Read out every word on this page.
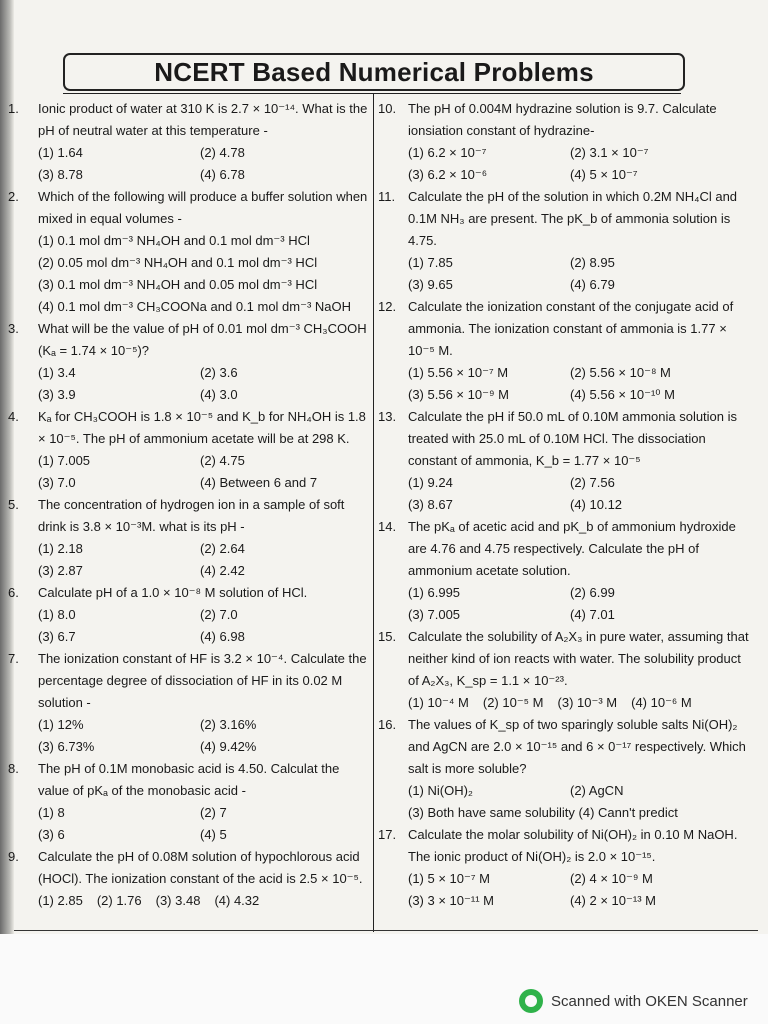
NCERT Based Numerical Problems
1.	Ionic product of water at 310 K is 2.7 × 10⁻¹⁴. What is the pH of neutral water at this temperature -
(1) 1.64	(2) 4.78
(3) 8.78	(4) 6.78
2.	Which of the following will produce a buffer solution when mixed in equal volumes -
(1) 0.1 mol dm⁻³ NH₄OH and 0.1 mol dm⁻³ HCl
(2) 0.05 mol dm⁻³ NH₄OH and 0.1 mol dm⁻³ HCl
(3) 0.1 mol dm⁻³ NH₄OH and 0.05 mol dm⁻³ HCl
(4) 0.1 mol dm⁻³ CH₃COONa and 0.1 mol dm⁻³ NaOH
3.	What will be the value of pH of 0.01 mol dm⁻³ CH₃COOH (Kₐ = 1.74 × 10⁻⁵)?
(1) 3.4	(2) 3.6
(3) 3.9	(4) 3.0
4.	Kₐ for CH₃COOH is 1.8 × 10⁻⁵ and K_b for NH₄OH is 1.8 × 10⁻⁵. The pH of ammonium acetate will be at 298 K.
(1) 7.005	(2) 4.75
(3) 7.0	(4) Between 6 and 7
5.	The concentration of hydrogen ion in a sample of soft drink is 3.8 × 10⁻³M. what is its pH -
(1) 2.18	(2) 2.64
(3) 2.87	(4) 2.42
6.	Calculate pH of a 1.0 × 10⁻⁸ M solution of HCl.
(1) 8.0	(2) 7.0
(3) 6.7	(4) 6.98
7.	The ionization constant of HF is 3.2 × 10⁻⁴. Calculate the percentage degree of dissociation of HF in its 0.02 M solution -
(1) 12%	(2) 3.16%
(3) 6.73%	(4) 9.42%
8.	The pH of 0.1M monobasic acid is 4.50. Calculat the value of pKₐ of the monobasic acid -
(1) 8	(2) 7
(3) 6	(4) 5
9.	Calculate the pH of 0.08M solution of hypochlorous acid (HOCl). The ionization constant of the acid is 2.5 × 10⁻⁵.
(1) 2.85 (2) 1.76 (3) 3.48 (4) 4.32
10. The pH of 0.004M hydrazine solution is 9.7. Calculate ionsiation constant of hydrazine-
(1) 6.2 × 10⁻⁷	(2) 3.1 × 10⁻⁷
(3) 6.2 × 10⁻⁶	(4) 5 × 10⁻⁷
11. Calculate the pH of the solution in which 0.2M NH₄Cl and 0.1M NH₃ are present. The pK_b of ammonia solution is 4.75.
(1) 7.85	(2) 8.95
(3) 9.65	(4) 6.79
12. Calculate the ionization constant of the conjugate acid of ammonia. The ionization constant of ammonia is 1.77 × 10⁻⁵ M.
(1) 5.56 × 10⁻⁷ M	(2) 5.56 × 10⁻⁸ M
(3) 5.56 × 10⁻⁹ M	(4) 5.56 × 10⁻¹⁰ M
13. Calculate the pH if 50.0 mL of 0.10M ammonia solution is treated with 25.0 mL of 0.10M HCl. The dissociation constant of ammonia, K_b = 1.77 × 10⁻⁵
(1) 9.24	(2) 7.56
(3) 8.67	(4) 10.12
14. The pKₐ of acetic acid and pK_b of ammonium hydroxide are 4.76 and 4.75 respectively. Calculate the pH of ammonium acetate solution.
(1) 6.995	(2) 6.99
(3) 7.005	(4) 7.01
15. Calculate the solubility of A₂X₃ in pure water, assuming that neither kind of ion reacts with water. The solubility product of A₂X₃, K_sp = 1.1 × 10⁻²³.
(1) 10⁻⁴ M (2) 10⁻⁵ M (3) 10⁻³ M (4) 10⁻⁶ M
16. The values of K_sp of two sparingly soluble salts Ni(OH)₂ and AgCN are 2.0 × 10⁻¹⁵ and 6 × 0⁻¹⁷ respectively. Which salt is more soluble?
(1) Ni(OH)₂	(2) AgCN
(3) Both have same solubility (4) Cann't predict
17. Calculate the molar solubility of Ni(OH)₂ in 0.10 M NaOH. The ionic product of Ni(OH)₂ is 2.0 × 10⁻¹⁵.
(1) 5 × 10⁻⁷ M	(2) 4 × 10⁻⁹ M
(3) 3 × 10⁻¹¹ M	(4) 2 × 10⁻¹³ M
Scanned with OKEN Scanner
